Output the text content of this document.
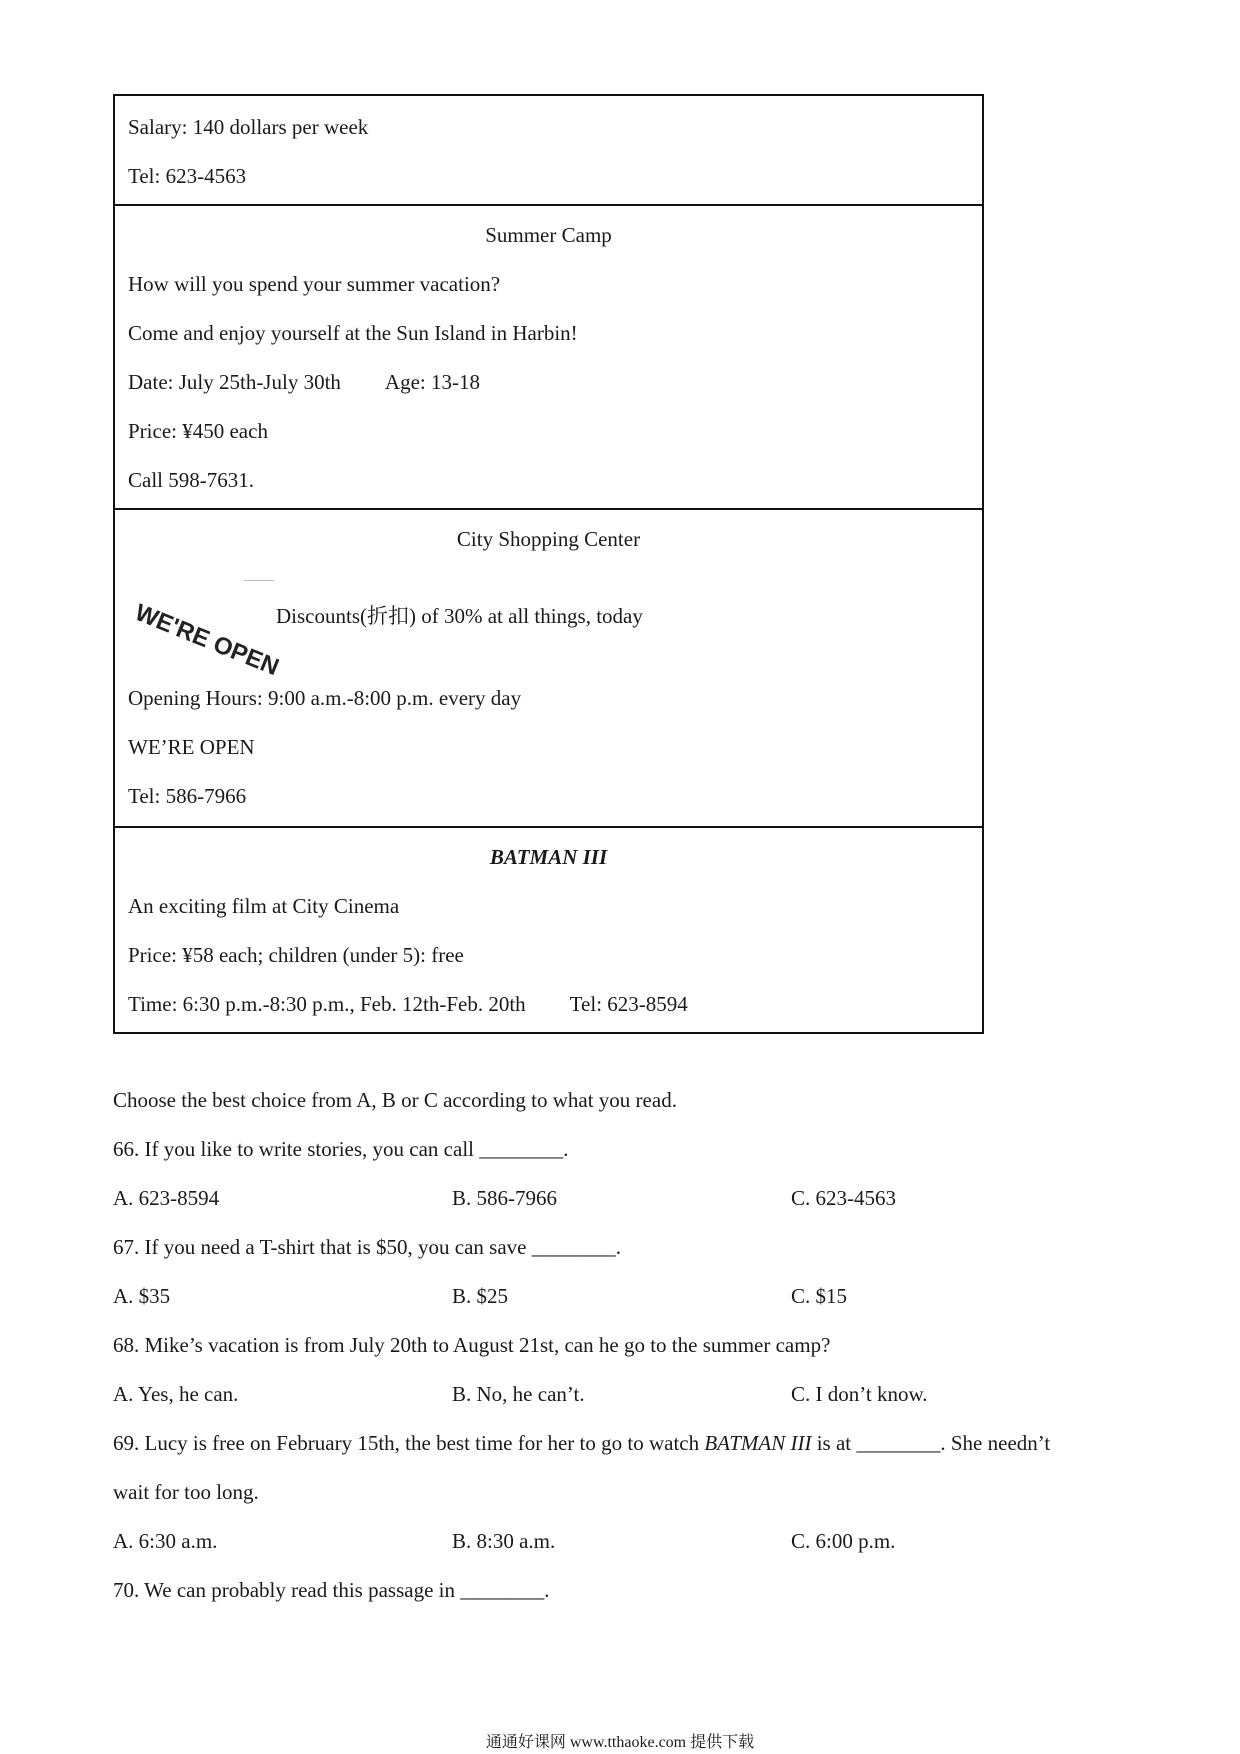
Salary: 140 dollars per week
Tel: 623-4563
Summer Camp
How will you spend your summer vacation?
Come and enjoy yourself at the Sun Island in Harbin!
Date: July 25th-July 30th Age: 13-18
Price: ¥450 each
Call 598-7631.
City Shopping Center
WE'RE OPEN
Discounts(折扣) of 30% at all things, today
Opening Hours: 9:00 a.m.-8:00 p.m. every day
WE’RE OPEN
Tel: 586-7966
BATMAN III
An exciting film at City Cinema
Price: ¥58 each; children (under 5): free
Time: 6:30 p.m.-8:30 p.m., Feb. 12th-Feb. 20th Tel: 623-8594
Choose the best choice from A, B or C according to what you read.
66. If you like to write stories, you can call ________.
A. 623-8594	B. 586-7966	C. 623-4563
67. If you need a T-shirt that is $50, you can save ________.
A. $35	B. $25	C. $15
68. Mike’s vacation is from July 20th to August 21st, can he go to the summer camp?
A. Yes, he can.	B. No, he can’t.	C. I don’t know.
69. Lucy is free on February 15th, the best time for her to go to watch BATMAN III is at ________. She needn’t
wait for too long.
A. 6:30 a.m.	B. 8:30 a.m.	C. 6:00 p.m.
70. We can probably read this passage in ________.
通通好课网 www.tthaoke.com 提供下载
